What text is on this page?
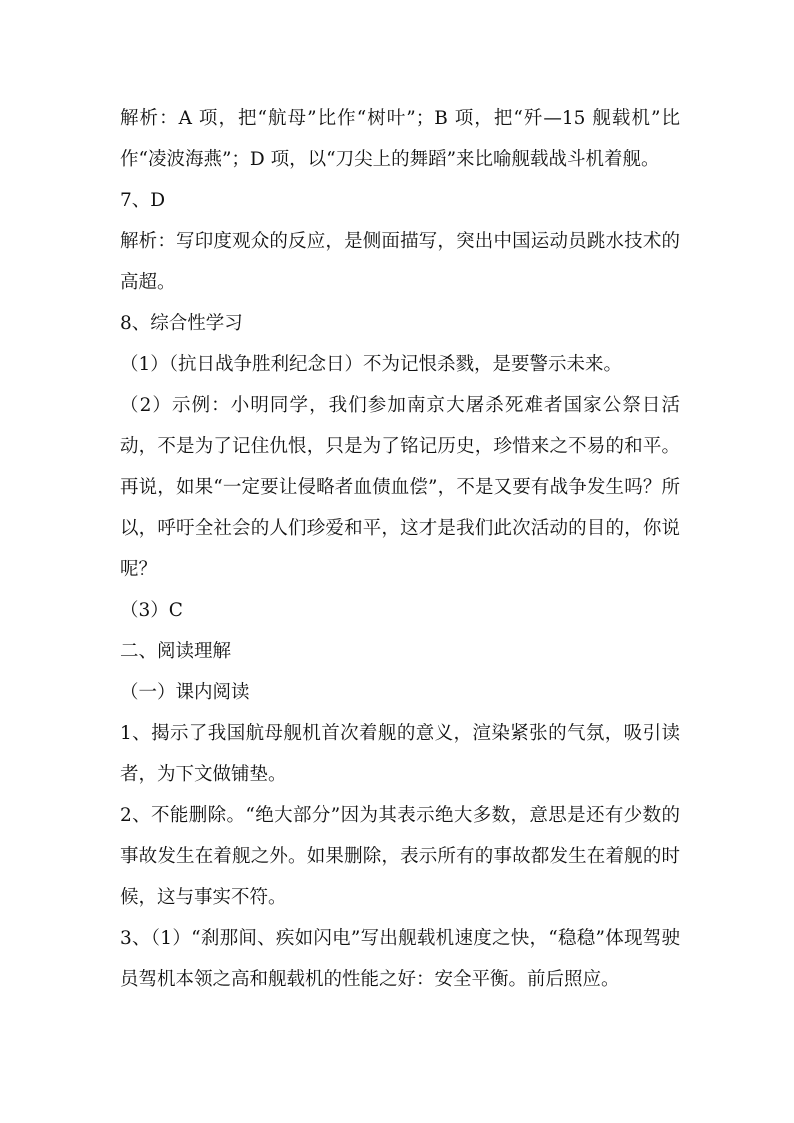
解析：A 项，把“航母”比作“树叶”；B 项，把“歼—15 舰载机”比作“凌波海燕”；D 项，以“刀尖上的舞蹈”来比喻舰载战斗机着舰。

7、D

解析：写印度观众的反应，是侧面描写，突出中国运动员跳水技术的高超。

8、综合性学习

（1）（抗日战争胜利纪念日）不为记恨杀戮，是要警示未来。

（2）示例：小明同学，我们参加南京大屠杀死难者国家公祭日活动，不是为了记住仇恨，只是为了铭记历史，珍惜来之不易的和平。再说，如果“一定要让侵略者血债血偿”，不是又要有战争发生吗？所以，呼吁全社会的人们珍爱和平，这才是我们此次活动的目的，你说呢？

（3）C

二、阅读理解

（一）课内阅读

1、揭示了我国航母舰机首次着舰的意义，渲染紧张的气氛，吸引读者，为下文做铺垫。

2、不能删除。“绝大部分”因为其表示绝大多数，意思是还有少数的事故发生在着舰之外。如果删除，表示所有的事故都发生在着舰的时候，这与事实不符。

3、（1）“刹那间、疾如闪电”写出舰载机速度之快，“稳稳”体现驾驶员驾机本领之高和舰载机的性能之好：安全平衡。前后照应。
